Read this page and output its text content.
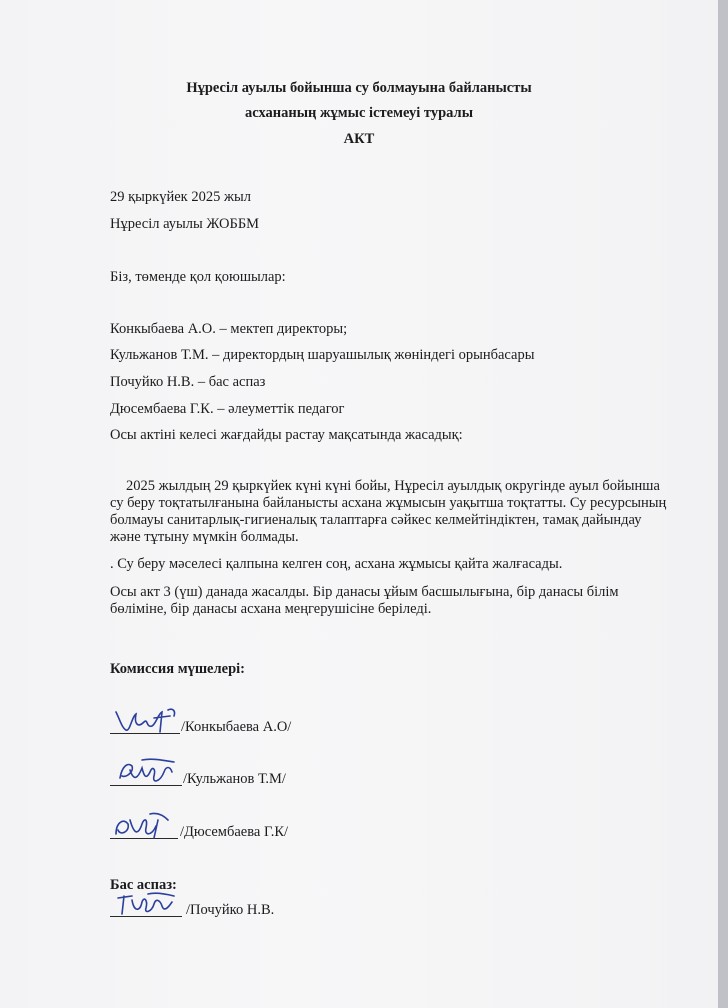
Нұресіл ауылы бойынша су болмауына байланысты
асхананың жұмыс істемеуі туралы
АКТ
29 қыркүйек 2025 жыл
Нұресіл ауылы ЖОББМ
Біз, төменде қол қоюшылар:
Конкыбаева А.О. – мектеп директоры;
Кульжанов Т.М. – директордың шаруашылық жөніндегі орынбасары
Почуйко Н.В. – бас аспаз
Дюсембаева Г.К. – әлеуметтік педагог
Осы актіні келесі жағдайды растау мақсатында жасадық:
2025 жылдың 29 қыркүйек күні күні бойы, Нұресіл ауылдық округінде ауыл бойынша су беру тоқтатылғанына байланысты асхана жұмысын уақытша тоқтатты. Су ресурсының болмауы санитарлық-гигиеналық талаптарға сәйкес келмейтіндіктен, тамақ дайындау және тұтыну мүмкін болмады.
. Су беру мәселесі қалпына келген соң, асхана жұмысы қайта жалғасады.
Осы акт 3 (үш) данада жасалды. Бір данасы ұйым басшылығына, бір данасы білім бөліміне, бір данасы асхана меңгерушісіне беріледі.
Комиссия мүшелері:
/Конкыбаева А.О/
/Кульжанов Т.М/
/Дюсембаева Г.К/
Бас аспаз:
/Почуйко Н.В.
